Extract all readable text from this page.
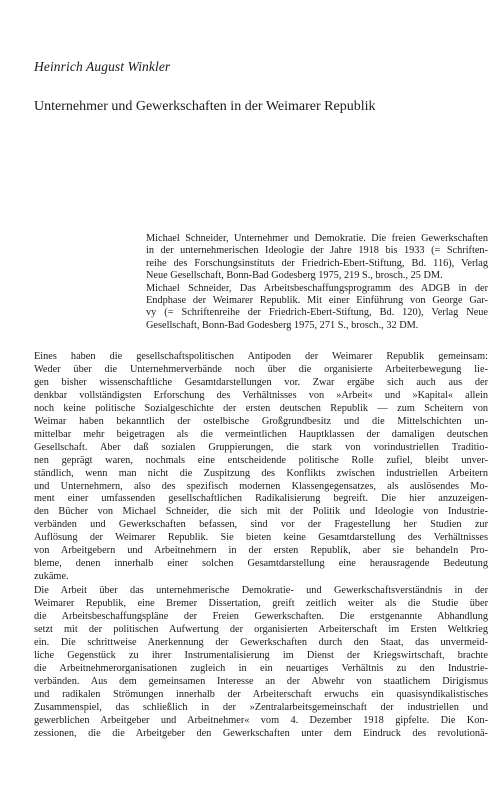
Heinrich August Winkler
Unternehmer und Gewerkschaften in der Weimarer Republik

Michael Schneider, Unternehmer und Demokratie. Die freien Gewerkschaften
in der unternehmerischen Ideologie der Jahre 1918 bis 1933 (= Schriften-
reihe des Forschungsinstituts der Friedrich-Ebert-Stiftung, Bd. 116), Verlag
Neue Gesellschaft, Bonn-Bad Godesberg 1975, 219 S., brosch., 25 DM.

Michael Schneider, Das Arbeitsbeschaffungsprogramm des ADGB in der
Endphase der Weimarer Republik. Mit einer Einführung von George Gar-
vy (= Schriftenreihe der Friedrich-Ebert-Stiftung, Bd. 120), Verlag Neue
Gesellschaft, Bonn-Bad Godesberg 1975, 271 S., brosch., 32 DM.

Eines haben die gesellschaftspolitischen Antipoden der Weimarer Republik gemeinsam:
Weder über die Unternehmerverbände noch über die organisierte Arbeiterbewegung lie-
gen bisher wissenschaftliche Gesamtdarstellungen vor. Zwar ergäbe sich auch aus der
denkbar vollständigsten Erforschung des Verhältnisses von »Arbeit« und »Kapital« allein
noch keine politische Sozialgeschichte der ersten deutschen Republik — zum Scheitern von
Weimar haben bekanntlich der ostelbische Großgrundbesitz und die Mittelschichten un-
mittelbar mehr beigetragen als die vermeintlichen Hauptklassen der damaligen deutschen
Gesellschaft. Aber daß sozialen Gruppierungen, die stark von vorindustriellen Traditio-
nen geprägt waren, nochmals eine entscheidende politische Rolle zufiel, bleibt unver-
ständlich, wenn man nicht die Zuspitzung des Konflikts zwischen industriellen Arbeitern
und Unternehmern, also des spezifisch modernen Klassengegensatzes, als auslösendes Mo-
ment einer umfassenden gesellschaftlichen Radikalisierung begreift. Die hier anzuzeigen-
den Bücher von Michael Schneider, die sich mit der Politik und Ideologie von Industrie-
verbänden und Gewerkschaften befassen, sind vor der Fragestellung her Studien zur
Auflösung der Weimarer Republik. Sie bieten keine Gesamtdarstellung des Verhältnisses
von Arbeitgebern und Arbeitnehmern in der ersten Republik, aber sie behandeln Pro-
bleme, denen innerhalb einer solchen Gesamtdarstellung eine herausragende Bedeutung
zukäme.

Die Arbeit über das unternehmerische Demokratie- und Gewerkschaftsverständnis in der
Weimarer Republik, eine Bremer Dissertation, greift zeitlich weiter als die Studie über
die Arbeitsbeschaffungspläne der Freien Gewerkschaften. Die erstgenannte Abhandlung
setzt mit der politischen Aufwertung der organisierten Arbeiterschaft im Ersten Weltkrieg
ein. Die schrittweise Anerkennung der Gewerkschaften durch den Staat, das unvermeid-
liche Gegenstück zu ihrer Instrumentalisierung im Dienst der Kriegswirtschaft, brachte
die Arbeitnehmerorganisationen zugleich in ein neuartiges Verhältnis zu den Industrie-
verbänden. Aus dem gemeinsamen Interesse an der Abwehr von staatlichem Dirigismus
und radikalen Strömungen innerhalb der Arbeiterschaft erwuchs ein quasisyndikalistisches
Zusammenspiel, das schließlich in der »Zentralarbeitsgemeinschaft der industriellen und
gewerblichen Arbeitgeber und Arbeitnehmer« vom 4. Dezember 1918 gipfelte. Die Kon-
zessionen, die die Arbeitgeber den Gewerkschaften unter dem Eindruck des revolutionä-
